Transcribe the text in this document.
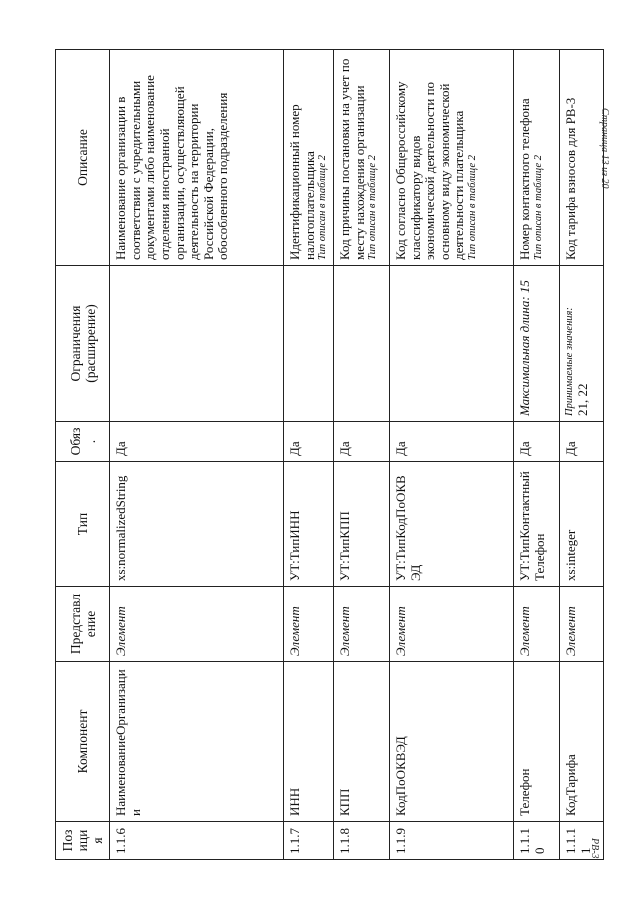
Страница 13 из 20
РВ-3
Позиция	Компонент	Представление	Тип	Обяз.	Ограничения (расширение)	Описание
1.1.6	НаименованиеОрганизации	Элемент	xs:normalizedString	Да		Наименование организации в соответствии с учредительными документами либо наименование отделения иностранной организации, осуществляющей деятельность на территории Российской Федерации, обособленного подразделения
1.1.7	ИНН	Элемент	УТ:ТипИНН	Да		Идентификационный номер налогоплательщика Тип описан в таблице 2

1.1.8	КПП	Элемент	УТ:ТипКПП	Да		Код причины постановки на учет по месту нахождения организации Тип описан в таблице 2

1.1.9	КодПоОКВЭД	Элемент	УТ:ТипКодПоОКВЭД	Да		Код согласно Общероссийскому классификатору видов экономической деятельности по основному виду экономической деятельности плательщика Тип описан в таблице 2

1.1.10	Телефон	Элемент	УТ:ТипКонтактныйТелефон	Да	Максимальная длина: 15	Номер контактного телефона Тип описан в таблице 2

1.1.11	КодТарифа	Элемент	xs:integer	Да	Принимаемые значения: 21, 22	Код тарифа взносов для РВ-3
